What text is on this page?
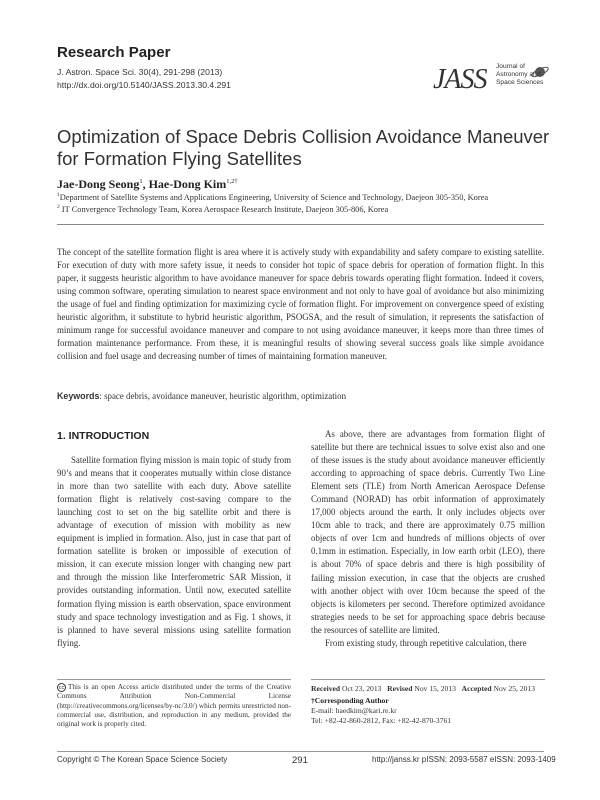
Research Paper
J. Astron. Space Sci. 30(4), 291-298 (2013)
http://dx.doi.org/10.5140/JASS.2013.30.4.291	JASS Journal of
Astronomy and
Space Sciences
Optimization of Space Debris Collision Avoidance Maneuver for Formation Flying Satellites
Jae-Dong Seong$^1$, Hae-Dong Kim$^{1,2\dagger}$
$^1$Department of Satellite Systems and Applications Engineering, University of Science and Technology, Daejeon 305-350, Korea
$^2$ IT Convergence Technology Team, Korea Aerospace Research Institute, Daejeon 305-806, Korea
The concept of the satellite formation flight is area where it is actively study with expandability and safety compare to existing satellite. For execution of duty with more safety issue, it needs to consider hot topic of space debris for operation of formation flight. In this paper, it suggests heuristic algorithm to have avoidance maneuver for space debris towards operating flight formation. Indeed it covers, using common software, operating simulation to nearest space environment and not only to have goal of avoidance but also minimizing the usage of fuel and finding optimization for maximizing cycle of formation flight. For improvement on convergence speed of existing heuristic algorithm, it substitute to hybrid heuristic algorithm, PSOGSA, and the result of simulation, it represents the satisfaction of minimum range for successful avoidance maneuver and compare to not using avoidance maneuver, it keeps more than three times of formation maintenance performance. From these, it is meaningful results of showing several success goals like simple avoidance collision and fuel usage and decreasing number of times of maintaining formation maneuver.
Keywords: space debris, avoidance maneuver, heuristic algorithm, optimization
1. INTRODUCTION

Satellite formation flying mission is main topic of study from 90’s and means that it cooperates mutually within close distance in more than two satellite with each duty. Above satellite formation flight is relatively cost-saving compare to the launching cost to set on the big satellite orbit and there is advantage of execution of mission with mobility as new equipment is implied in formation. Also, just in case that part of formation satellite is broken or impossible of execution of mission, it can execute mission longer with changing new part and through the mission like Interferometric SAR Mission, it provides outstanding information. Until now, executed satellite formation flying mission is earth observation, space environment study and space technology investigation and as Fig. 1 shows, it is planned to have several missions using satellite formation flying.

As above, there are advantages from formation flight of satellite but there are technical issues to solve exist also and one of these issues is the study about avoidance maneuver efficiently according to approaching of space debris. Currently Two Line Element sets (TLE) from North American Aerospace Defense Command (NORAD) has orbit information of approximately 17,000 objects around the earth. It only includes objects over 10cm able to track, and there are approximately 0.75 million objects of over 1cm and hundreds of millions objects of over 0.1mm in estimation. Especially, in low earth orbit (LEO), there is about 70% of space debris and there is high possibility of failing mission execution, in case that the objects are crushed with another object with over 10cm because the speed of the objects is kilometers per second. Therefore optimized avoidance strategies needs to be set for approaching space debris because the resources of satellite are limited.

From existing study, through repetitive calculation, there

cc This is an open Access article distributed under the terms of the Creative Commons Attribution Non-Commercial License (http://creativecommons.org/licenses/by-nc/3.0/) which permits unrestricted non-commercial use, distribution, and reproduction in any medium, provided the original work is properly cited.
Received Oct 23, 2013 Revised Nov 15, 2013 Accepted Nov 25, 2013
†Corresponding Author
E-mail: haedkim@kari.re.kr
Tel: +82-42-860-2812, Fax: +82-42-870-3761
Copyright © The Korean Space Science Society	291	http://janss.kr pISSN: 2093-5587 eISSN: 2093-1409
